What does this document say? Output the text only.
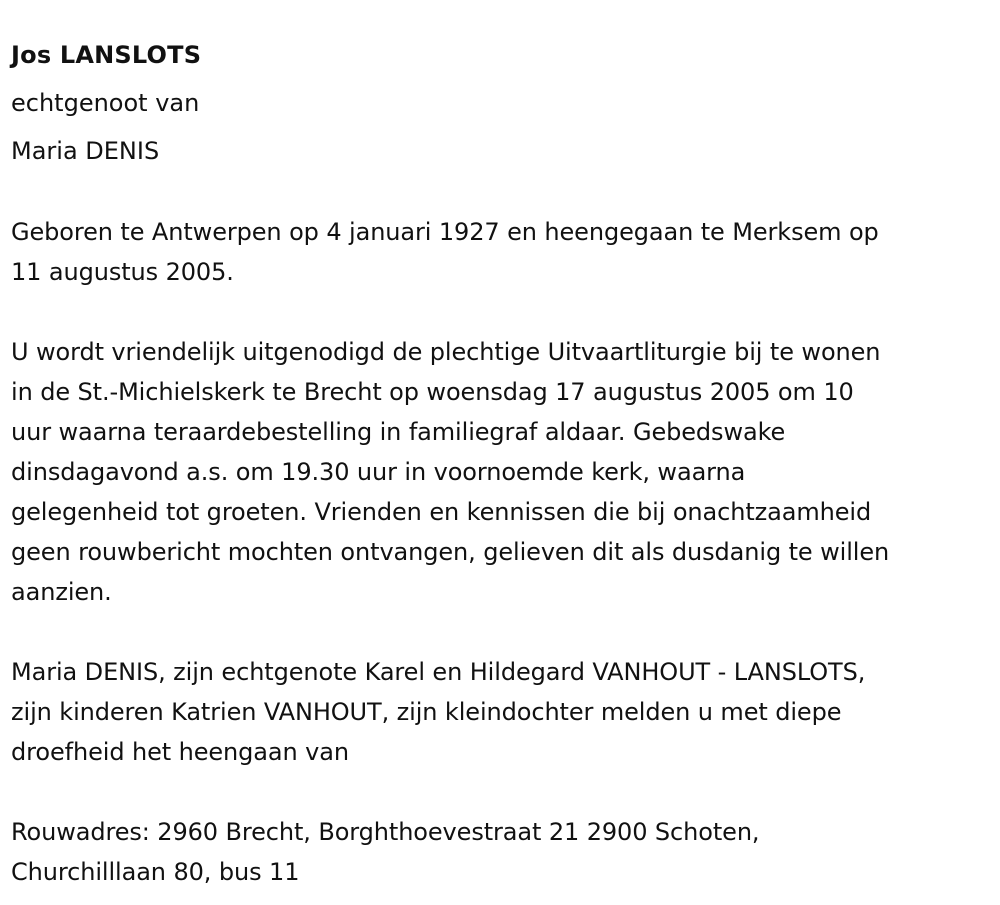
Jos LANSLOTS

echtgenoot van

Maria DENIS

Geboren te Antwerpen op 4 januari 1927 en heengegaan te Merksem op
11 augustus 2005.

U wordt vriendelijk uitgenodigd de plechtige Uitvaartliturgie bij te wonen
in de St.-Michielskerk te Brecht op woensdag 17 augustus 2005 om 10
uur waarna teraardebestelling in familiegraf aldaar. Gebedswake
dinsdagavond a.s. om 19.30 uur in voornoemde kerk, waarna
gelegenheid tot groeten. Vrienden en kennissen die bij onachtzaamheid
geen rouwbericht mochten ontvangen, gelieven dit als dusdanig te willen
aanzien.

Maria DENIS, zijn echtgenote Karel en Hildegard VANHOUT - LANSLOTS,
zijn kinderen Katrien VANHOUT, zijn kleindochter melden u met diepe
droefheid het heengaan van

Rouwadres: 2960 Brecht, Borghthoevestraat 21 2900 Schoten,
Churchilllaan 80, bus 11
